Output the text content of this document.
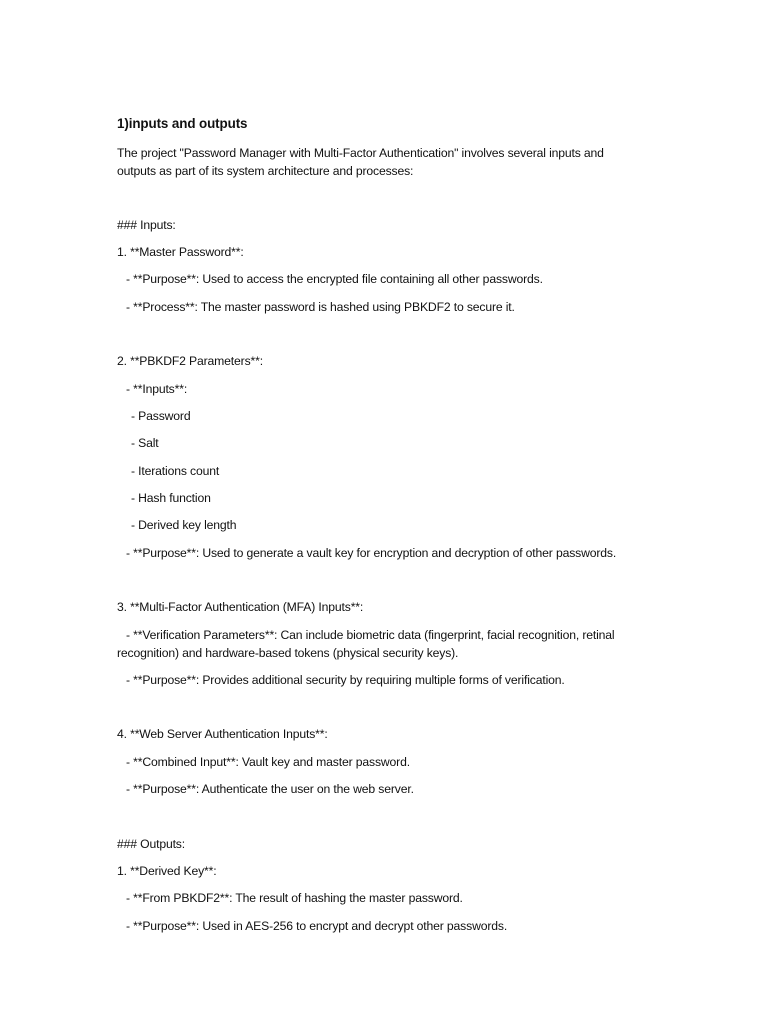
1)inputs and outputs
The project "Password Manager with Multi-Factor Authentication" involves several inputs and
outputs as part of its system architecture and processes:
### Inputs:
1. **Master Password**:
- **Purpose**: Used to access the encrypted file containing all other passwords.
- **Process**: The master password is hashed using PBKDF2 to secure it.
2. **PBKDF2 Parameters**:
- **Inputs**:
- Password
- Salt
- Iterations count
- Hash function
- Derived key length
- **Purpose**: Used to generate a vault key for encryption and decryption of other passwords.
3. **Multi-Factor Authentication (MFA) Inputs**:
- **Verification Parameters**: Can include biometric data (fingerprint, facial recognition, retinal
recognition) and hardware-based tokens (physical security keys).
- **Purpose**: Provides additional security by requiring multiple forms of verification.
4. **Web Server Authentication Inputs**:
- **Combined Input**: Vault key and master password.
- **Purpose**: Authenticate the user on the web server.
### Outputs:
1. **Derived Key**:
- **From PBKDF2**: The result of hashing the master password.
- **Purpose**: Used in AES-256 to encrypt and decrypt other passwords.
